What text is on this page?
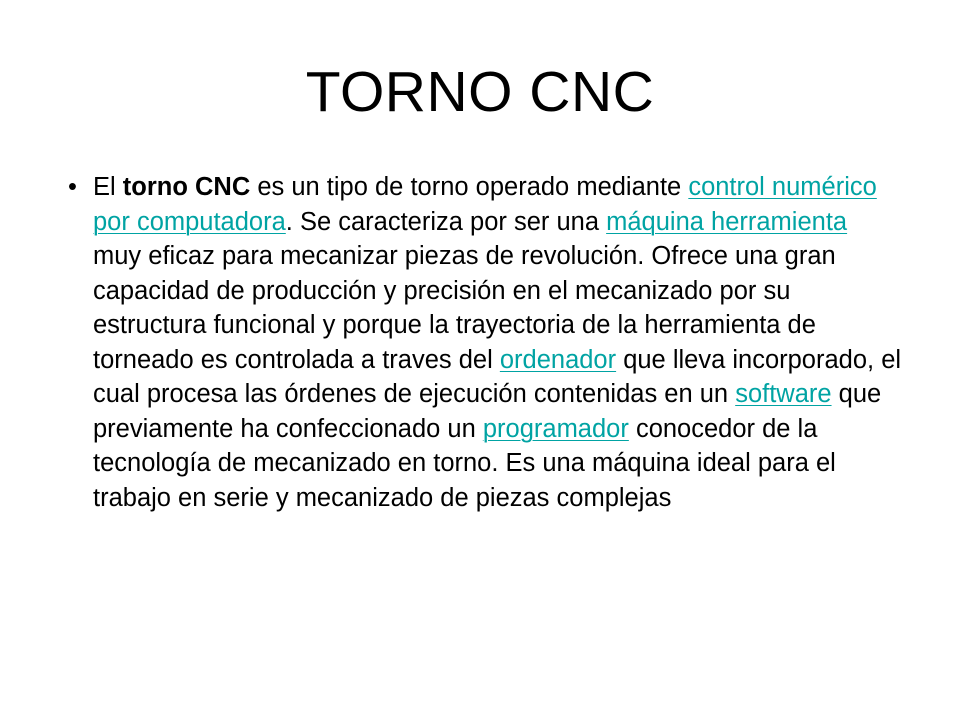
TORNO CNC
• El torno CNC es un tipo de torno operado mediante control numérico por computadora. Se caracteriza por ser una máquina herramienta muy eficaz para mecanizar piezas de revolución. Ofrece una gran capacidad de producción y precisión en el mecanizado por su estructura funcional y porque la trayectoria de la herramienta de torneado es controlada a traves del ordenador que lleva incorporado, el cual procesa las órdenes de ejecución contenidas en un software que previamente ha confeccionado un programador conocedor de la tecnología de mecanizado en torno. Es una máquina ideal para el trabajo en serie y mecanizado de piezas complejas
